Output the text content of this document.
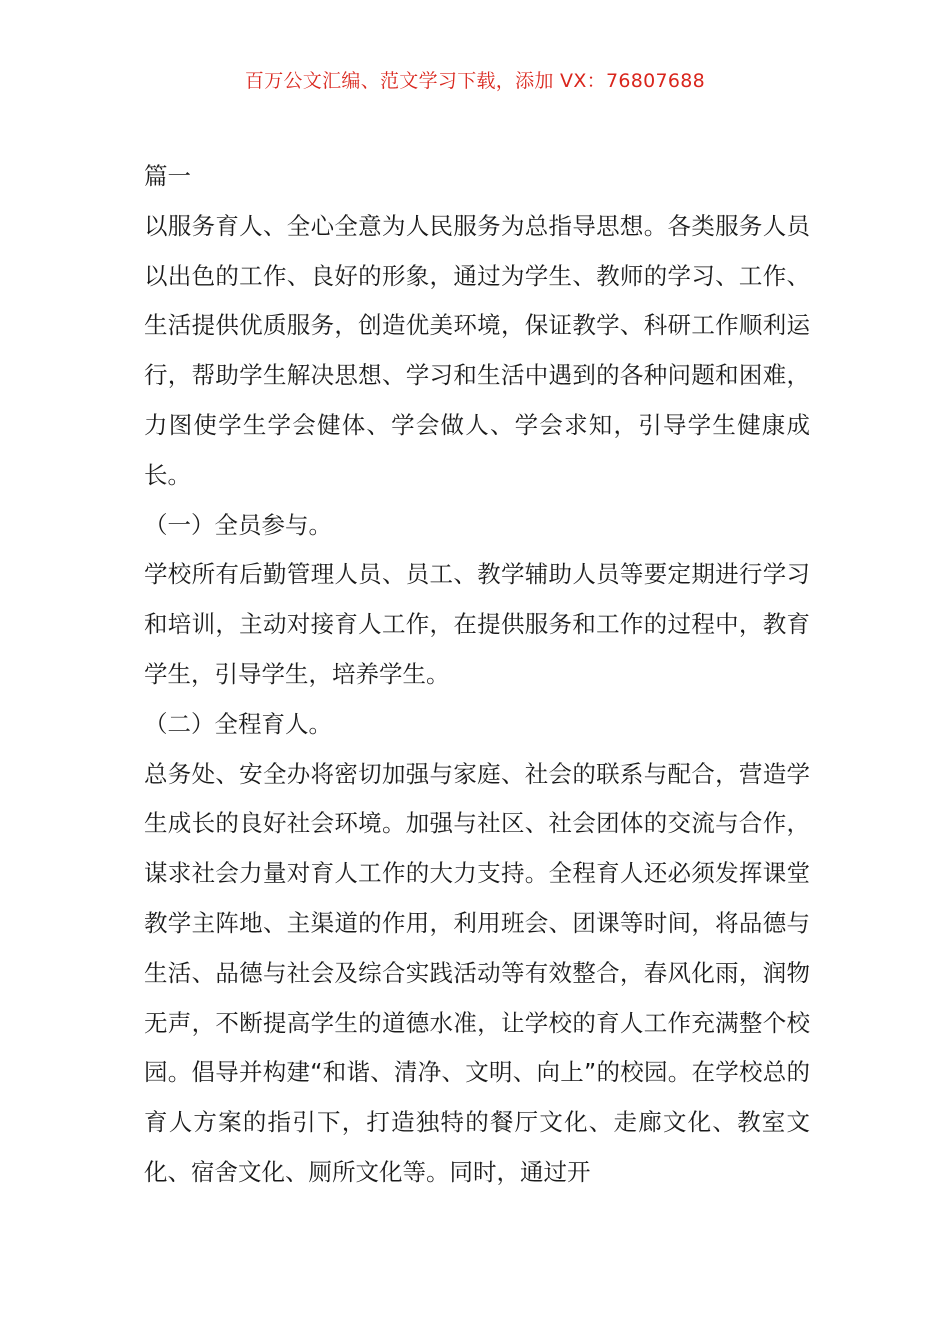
百万公文汇编、范文学习下载，添加 VX：76807688

篇一

以服务育人、全心全意为人民服务为总指导思想。各类服务人员以出色的工作、良好的形象，通过为学生、教师的学习、工作、生活提供优质服务，创造优美环境，保证教学、科研工作顺利运行，帮助学生解决思想、学习和生活中遇到的各种问题和困难，力图使学生学会健体、学会做人、学会求知，引导学生健康成长。

（一）全员参与。

学校所有后勤管理人员、员工、教学辅助人员等要定期进行学习和培训，主动对接育人工作，在提供服务和工作的过程中，教育学生，引导学生，培养学生。

（二）全程育人。

总务处、安全办将密切加强与家庭、社会的联系与配合，营造学生成长的良好社会环境。加强与社区、社会团体的交流与合作，谋求社会力量对育人工作的大力支持。全程育人还必须发挥课堂教学主阵地、主渠道的作用，利用班会、团课等时间，将品德与生活、品德与社会及综合实践活动等有效整合，春风化雨，润物无声，不断提高学生的道德水准，让学校的育人工作充满整个校园。倡导并构建“和谐、清净、文明、向上”的校园。在学校总的育人方案的指引下，打造独特的餐厅文化、走廊文化、教室文化、宿舍文化、厕所文化等。同时，通过开
